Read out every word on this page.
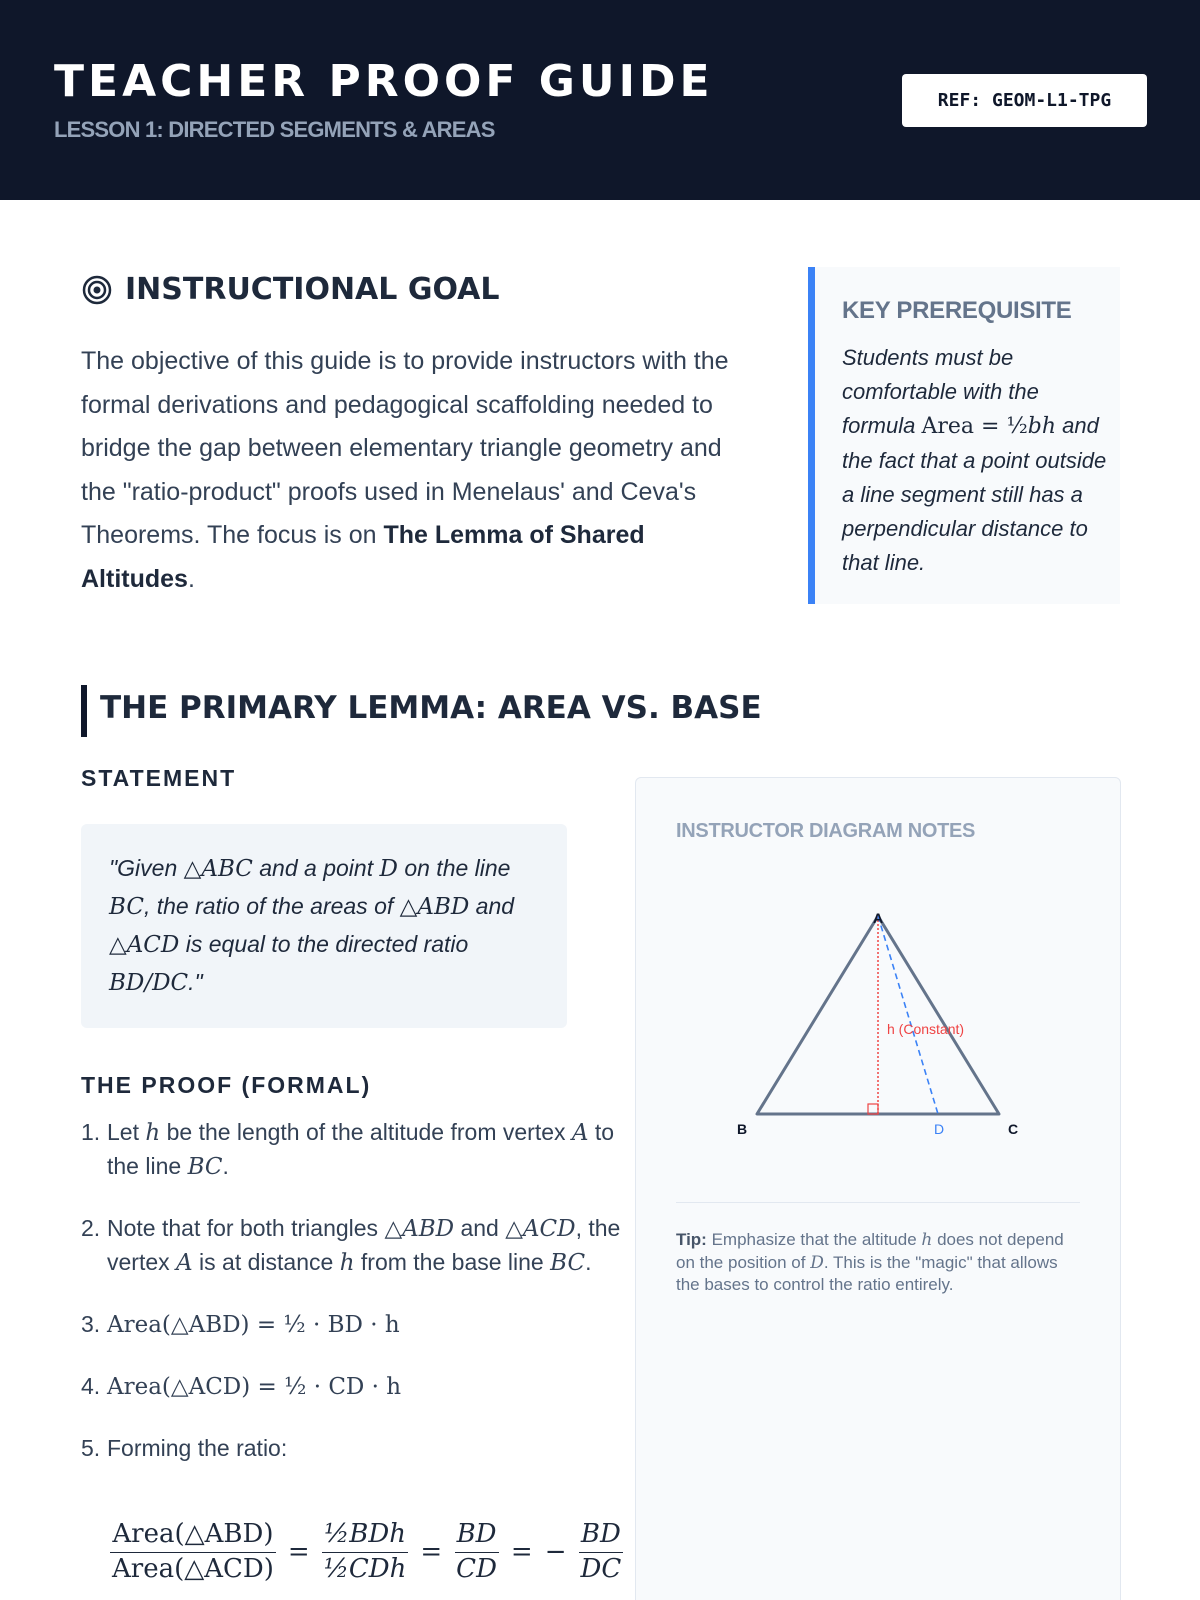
TEACHER PROOF GUIDE
LESSON 1: DIRECTED SEGMENTS & AREAS
REF: GEOM-L1-TPG
INSTRUCTIONAL GOAL

The objective of this guide is to provide instructors with the formal derivations and pedagogical scaffolding needed to bridge the gap between elementary triangle geometry and the "ratio-product" proofs used in Menelaus' and Ceva's Theorems. The focus is on The Lemma of Shared Altitudes.

KEY PREREQUISITE

Students must be comfortable with the formula Area = ½bh and the fact that a point outside a line segment still has a perpendicular distance to that line.

THE PRIMARY LEMMA: AREA VS. BASE
STATEMENT

"Given △ABC and a point D on the line BC, the ratio of the areas of △ABD and △ACD is equal to the directed ratio BD/DC."

THE PROOF (FORMAL)
1. Let h be the length of the altitude from vertex A to the line BC.
2. Note that for both triangles △ABD and △ACD, the vertex A is at distance h from the base line BC.
3. Area(△ABD) = ½ · BD · h
4. Area(△ACD) = ½ · CD · h
5. Forming the ratio:
$\frac{\text{Area(△ABD)}}{\text{Area(△ACD)}} = \frac{\text{½BDh}}{\text{½CDh}} = \frac{BD}{CD}$ = − $\frac{BD}{DC}$
INSTRUCTOR DIAGRAM NOTES
A
B	C
D
h (Constant)

Tip: Emphasize that the altitude h does not depend on the position of D. This is the "magic" that allows the bases to control the ratio entirely.
